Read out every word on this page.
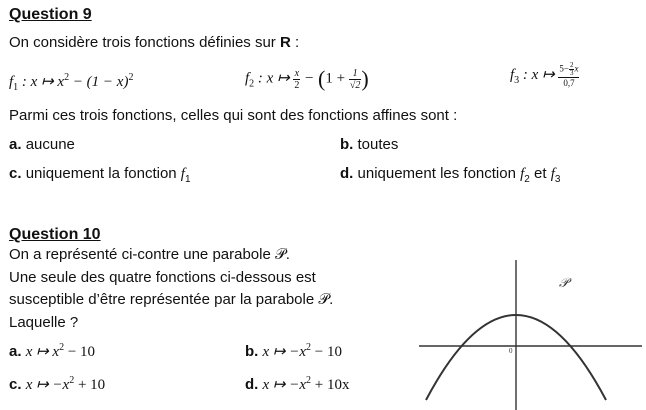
Question 9
On considère trois fonctions définies sur R :
$f_1$ : x ↦ $x^2 - (1 - x)^2$	$f_2$ : x ↦ $\frac{x}{2} - (1 + \frac{1}{√2}$ )	$f_3$ : x ↦ $\frac{5- \frac{2}{3} x}{0,7}$
Parmi ces trois fonctions, celles qui sont des fonctions affines sont :
a. aucune	b. toutes
c. uniquement la fonction $f_1$	d. uniquement les fonction $f_2$ et $f_3$
Question 10
On a représenté ci-contre une parabole 𝒫.
Une seule des quatre fonctions ci-dessous est
susceptible d’être représentée par la parabole 𝒫.
Laquelle ?
a. x ↦ $x^2 - 10$	b. x ↦ $-x^2 - 10$
c. x ↦ $-x^2 + 10$	d. x ↦ $-x^2 + 10x$
0
𝒫
